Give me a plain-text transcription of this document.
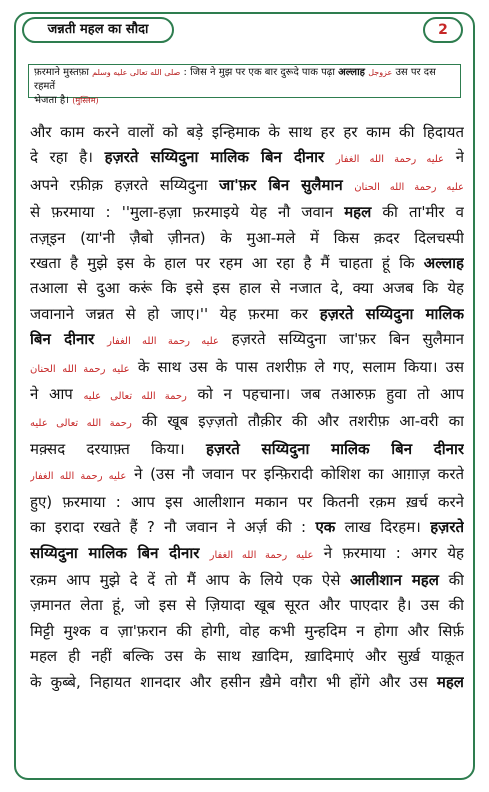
जन्नती महल का सौदा	2
फ़रमाने मुस्तफ़ा صلى الله تعالى عليه وسلم : जिस ने मुझ पर एक बार दुरूदे पाक पढ़ा अल्लाह عزوجل उस पर दस रहमतें
भेजता है। (मुस्लिम)
और काम करने वालों को बड़े इन्हिमाक के साथ हर हर काम की हिदायत
दे रहा है। हज़रते सय्यिदुना मालिक बिन दीनार عليه رحمة الله الغفار ने
अपने रफ़ीक़ हज़रते सय्यिदुना जा'फ़र बिन सुलैमान عليه رحمة الله الحنان
से फ़रमाया : ''मुला-हज़ा फ़रमाइये येह नौ जवान महल की ता'मीर व
तज़्इन (या'नी ज़ैबो ज़ीनत) के मुआ-मले में किस क़दर दिलचस्पी
रखता है मुझे इस के हाल पर रहम आ रहा है मैं चाहता हूं कि अल्लाह
तआला से दुआ करूं कि इसे इस हाल से नजात दे, क्या अजब कि येह
जवानाने जन्नत से हो जाए।'' येह फ़रमा कर हज़रते सय्यिदुना मालिक
बिन दीनार عليه رحمة الله الغفار हज़रते सय्यिदुना जा'फ़र बिन सुलैमान
عليه رحمة الله الحنان के साथ उस के पास तशरीफ़ ले गए, सलाम किया। उस
ने आप رحمة الله تعالى عليه को न पहचाना। जब तआरुफ़ हुवा तो आप
رحمة الله تعالى عليه की खूब इज़्ज़तो तौक़ीर की और तशरीफ़ आ-वरी का
मक़्सद दरयाफ़्त किया। हज़रते सय्यिदुना मालिक बिन दीनार
عليه رحمة الله الغفار ने (उस नौ जवान पर इन्फ़िरादी कोशिश का आग़ाज़ करते
हुए) फ़रमाया : आप इस आलीशान मकान पर कितनी रक़म ख़र्च करने
का इरादा रखते हैं ? नौ जवान ने अर्ज़ की : एक लाख दिरहम। हज़रते
सय्यिदुना मालिक बिन दीनार عليه رحمة الله الغفار ने फ़रमाया : अगर येह
रक़म आप मुझे दे दें तो मैं आप के लिये एक ऐसे आलीशान महल की
ज़मानत लेता हूं, जो इस से ज़ियादा खूब सूरत और पाएदार है। उस की
मिट्टी मुश्क व ज़ा'फ़रान की होगी, वोह कभी मुन्हदिम न होगा और सिर्फ़
महल ही नहीं बल्कि उस के साथ ख़ादिम, ख़ादिमाएं और सुर्ख़ याक़ूत
के कुब्बे, निहायत शानदार और हसीन ख़ैमे वग़ैरा भी होंगे और उस महल
